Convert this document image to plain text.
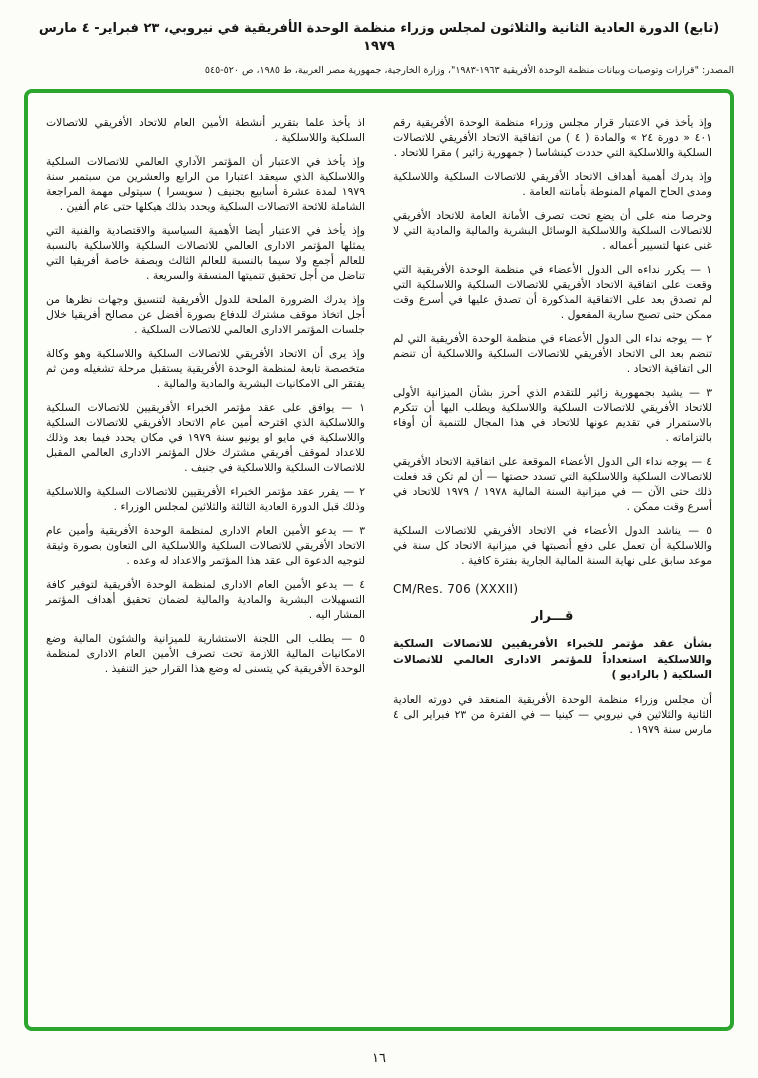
(تابع) الدورة العادية الثانية والثلاثون لمجلس وزراء منظمة الوحدة الأفريقية في نيروبي، ٢٣ فبراير- ٤ مارس ١٩٧٩
المصدر: "قرارات وتوصيات وبيانات منظمة الوحدة الأفريقية ١٩٦٣-١٩٨٣"، وزارة الخارجية، جمهورية مصر العربية، ط ١٩٨٥، ص ٥٢٠-٥٤٥

وإذ يأخذ في الاعتبار قرار مجلس وزراء منظمة الوحدة الأفريقية رقم ٤٠١ « دورة ٢٤ » والمادة ( ٤ ) من اتفاقية الاتحاد الأفريقي للاتصالات السلكية واللاسلكية التي حددت كينشاسا ( جمهورية زائير ) مقرا للاتحاد .

وإذ يدرك أهمية أهداف الاتحاد الأفريقي للاتصالات السلكية واللاسلكية ومدى الحاح المهام المنوطة بأمانته العامة .

وحرصا منه على أن يضع تحت تصرف الأمانة العامة للاتحاد الأفريقي للاتصالات السلكية واللاسلكية الوسائل البشرية والمالية والمادية التي لا غنى عنها لتسيير أعماله .

١ — يكرر نداءه الى الدول الأعضاء في منظمة الوحدة الأفريقية التي وقعت على اتفاقية الاتحاد الأفريقي للاتصالات السلكية واللاسلكية التي لم تصدق بعد على الاتفاقية المذكورة أن تصدق عليها في أسرع وقت ممكن حتى تصبح سارية المفعول .

٢ — يوجه نداء الى الدول الأعضاء في منظمة الوحدة الأفريقية التي لم تنضم بعد الى الاتحاد الأفريقي للاتصالات السلكية واللاسلكية أن تنضم الى اتفاقية الاتحاد .

٣ — يشيد بجمهورية زائير للتقدم الذي أحرز بشأن الميزانية الأولى للاتحاد الأفريقي للاتصالات السلكية واللاسلكية ويطلب اليها أن تتكرم بالاستمرار في تقديم عونها للاتحاد في هذا المجال للتنمية أن أوفاء بالتزاماته .

٤ — يوجه نداء الى الدول الأعضاء الموقعة على اتفاقية الاتحاد الأفريقي للاتصالات السلكية واللاسلكية التي تسدد حصتها — أن لم تكن قد فعلت ذلك حتى الآن — في ميزانية السنة المالية ١٩٧٨ / ١٩٧٩ للاتحاد في أسرع وقت ممكن .

٥ — يناشد الدول الأعضاء في الاتحاد الأفريقي للاتصالات السلكية واللاسلكية أن تعمل على دفع أنصبتها في ميزانية الاتحاد كل سنة في موعد سابق على نهاية السنة المالية الجارية بفترة كافية .

CM/Res. 706 (XXXII)
قـــرار

بشأن عقد مؤتمر للخبراء الأفريقيين للاتصالات السلكية واللاسلكية استعداداً للمؤتمر الادارى العالمي للاتصالات السلكية ( بالراديو )

أن مجلس وزراء منظمة الوحدة الأفريقية المنعقد في دورته العادية الثانية والثلاثين في نيروبي — كينيا — في الفترة من ٢٣ فبراير الى ٤ مارس سنة ١٩٧٩ .

اذ يأخذ علما بتقرير أنشطة الأمين العام للاتحاد الأفريقي للاتصالات السلكية واللاسلكية .

وإذ يأخذ في الاعتبار أن المؤتمر الآداري العالمي للاتصالات السلكية واللاسلكية الذي سيعقد اعتبارا من الرابع والعشرين من سبتمبر سنة ١٩٧٩ لمدة عشرة أسابيع بجنيف ( سويسرا ) سيتولى مهمة المراجعة الشاملة للائحة الاتصالات السلكية ويحدد بذلك هيكلها حتى عام ألفين .

وإذ يأخذ في الاعتبار أيضا الأهمية السياسية والاقتصادية والفنية التي يمثلها المؤتمر الادارى العالمي للاتصالات السلكية واللاسلكية بالنسبة للعالم أجمع ولا سيما بالنسبة للعالم الثالث وبصفة خاصة أفريقيا التي تناضل من أجل تحقيق تنميتها المنسقة والسريعة .

وإذ يدرك الضرورة الملحة للدول الأفريقية لتنسيق وجهات نظرها من أجل اتخاذ موقف مشترك للدفاع بصورة أفضل عن مصالح أفريقيا خلال جلسات المؤتمر الادارى العالمي للاتصالات السلكية .

وإذ يرى أن الاتحاد الأفريقي للاتصالات السلكية واللاسلكية وهو وكالة متخصصة تابعة لمنظمة الوحدة الأفريقية يستقبل مرحلة تشغيله ومن ثم يفتقر الى الامكانيات البشرية والمادية والمالية .

١ — يوافق على عقد مؤتمر الخبراء الأفريقيين للاتصالات السلكية واللاسلكية الذي اقترحه أمين عام الاتحاد الأفريقي للاتصالات السلكية واللاسلكية في مايو او يونيو سنة ١٩٧٩ في مكان يحدد فيما بعد وذلك للاعداد لموقف أفريقي مشترك خلال المؤتمر الادارى العالمي المقبل للاتصالات السلكية واللاسلكية في جنيف .

٢ — يقرر عقد مؤتمر الخبراء الأفريقيين للاتصالات السلكية واللاسلكية وذلك قبل الدورة العادية الثالثة والثلاثين لمجلس الوزراء .

٣ — يدعو الأمين العام الادارى لمنظمة الوحدة الأفريقية وأمين عام الاتحاد الأفريقي للاتصالات السلكية واللاسلكية الى التعاون بصورة وثيقة لتوجيه الدعوة الى عقد هذا المؤتمر والاعداد له وعده .

٤ — يدعو الأمين العام الادارى لمنظمة الوحدة الأفريقية لتوفير كافة التسهيلات البشرية والمادية والمالية لضمان تحقيق أهداف المؤتمر المشار اليه .

٥ — يطلب الى اللجنة الاستشارية للميزانية والشئون المالية وضع الامكانيات المالية اللازمة تحت تصرف الأمين العام الادارى لمنظمة الوحدة الأفريقية كي يتسنى له وضع هذا القرار حيز التنفيذ .

١٦
